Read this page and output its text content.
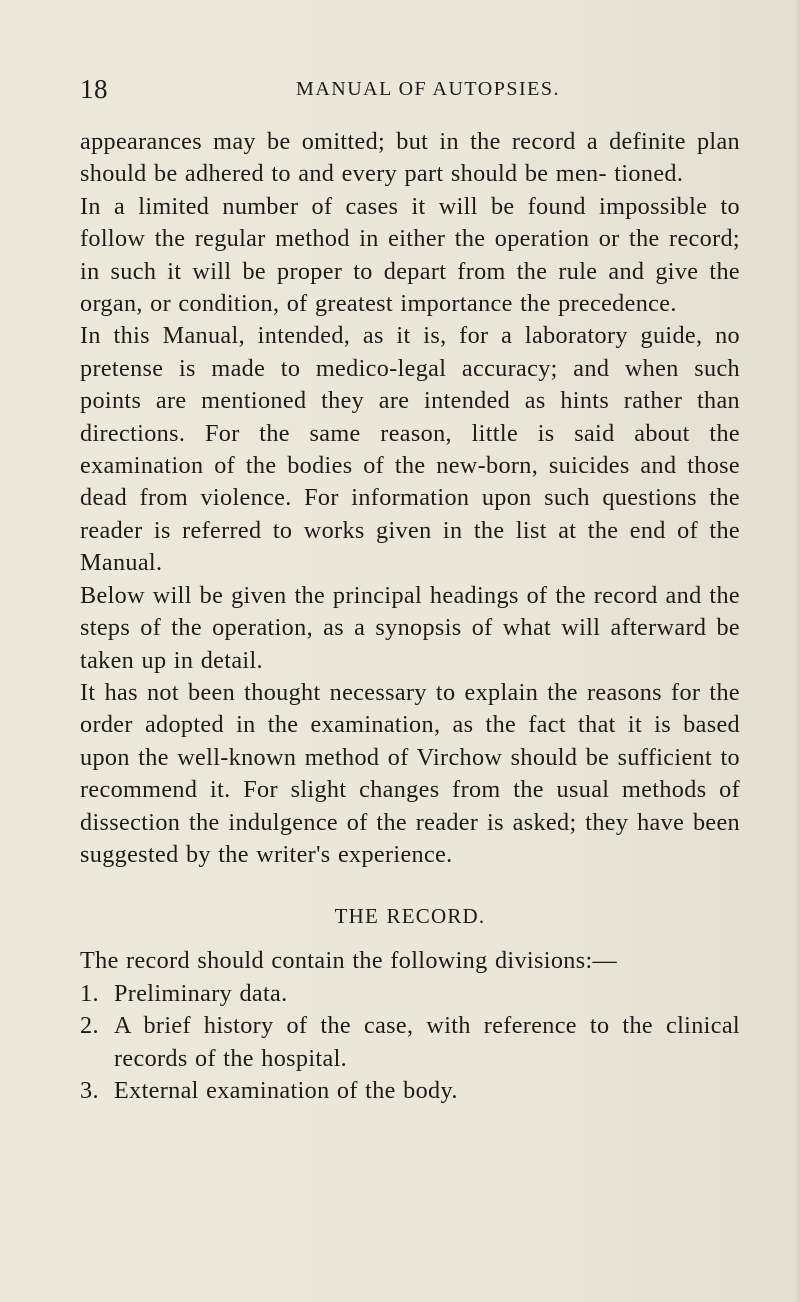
18	MANUAL OF AUTOPSIES.

appearances may be omitted; but in the record a definite plan should be adhered to and every part should be men- tioned.

In a limited number of cases it will be found impossible to follow the regular method in either the operation or the record; in such it will be proper to depart from the rule and give the organ, or condition, of greatest importance the precedence.

In this Manual, intended, as it is, for a laboratory guide, no pretense is made to medico-legal accuracy; and when such points are mentioned they are intended as hints rather than directions. For the same reason, little is said about the examination of the bodies of the new-born, suicides and those dead from violence. For information upon such questions the reader is referred to works given in the list at the end of the Manual.

Below will be given the principal headings of the record and the steps of the operation, as a synopsis of what will afterward be taken up in detail.

It has not been thought necessary to explain the reasons for the order adopted in the examination, as the fact that it is based upon the well-known method of Virchow should be sufficient to recommend it. For slight changes from the usual methods of dissection the indulgence of the reader is asked; they have been suggested by the writer's experience.

THE RECORD.

The record should contain the following divisions:—

1. Preliminary data.
2. A brief history of the case, with reference to the clinical records of the hospital.
3. External examination of the body.
